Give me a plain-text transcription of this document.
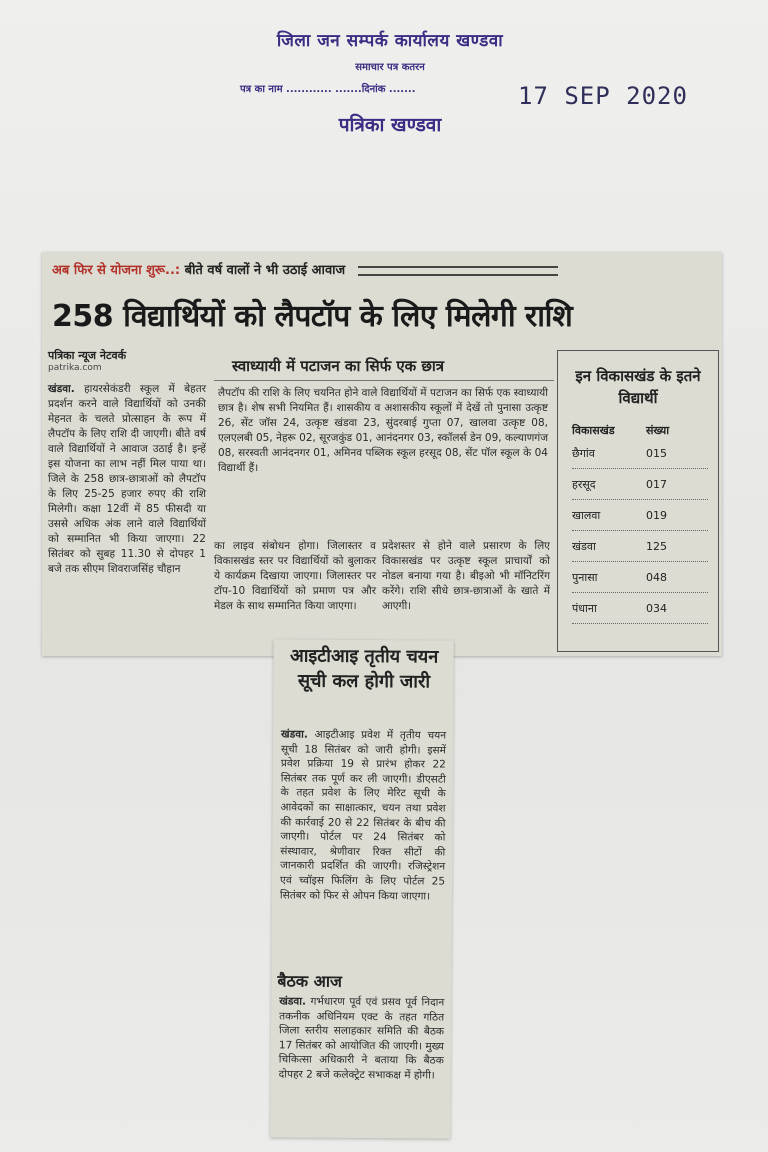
जिला जन सम्पर्क कार्यालय खण्डवा
समाचार पत्र कतरन
पत्र का नाम ............ .......दिनांक .......	17 SEP 2020
पत्रिका खण्डवा
अब फिर से योजना शुरू..: बीते वर्ष वालों ने भी उठाई आवाज
258 विद्यार्थियों को लैपटॉप के लिए मिलेगी राशि
पत्रिका न्यूज नेटवर्क
patrika.com
खंडवा. हायरसेकंडरी स्कूल में बेहतर प्रदर्शन करने वाले विद्यार्थियों को उनकी मेहनत के चलते प्रोत्साहन के रूप में लैपटॉप के लिए राशि दी जाएगी। बीते वर्ष वाले विद्यार्थियों ने आवाज उठाई है। इन्हें इस योजना का लाभ नहीं मिल पाया था। जिले के 258 छात्र-छात्राओं को लैपटॉप के लिए 25-25 हजार रुपए की राशि मिलेगी। कक्षा 12वीं में 85 फीसदी या उससे अधिक अंक लाने वाले विद्यार्थियों को सम्मानित भी किया जाएगा। 22 सितंबर को सुबह 11.30 से दोपहर 1 बजे तक सीएम शिवराजसिंह चौहान
स्वाध्यायी में पटाजन का सिर्फ एक छात्र
लैपटॉप की राशि के लिए चयनित होने वाले विद्यार्थियों में पटाजन का सिर्फ एक स्वाध्यायी छात्र है। शेष सभी नियमित हैं। शासकीय व अशासकीय स्कूलों में देखें तो पुनासा उत्कृष्ट 26, सेंट जॉस 24, उत्कृष्ट खंडवा 23, सुंदरबाई गुप्ता 07, खालवा उत्कृष्ट 08, एलएलबी 05, नेहरू 02, सूरजकुंड 01, आनंदनगर 03, स्कॉलर्स डेन 09, कल्याणगंज 08, सरस्वती आनंदनगर 01, अमिनव पब्लिक स्कूल हरसूद 08, सेंट पॉल स्कूल के 04 विद्यार्थी हैं।
का लाइव संबोधन होगा। जिलास्तर व विकासखंड स्तर पर विद्यार्थियों को बुलाकर ये कार्यक्रम दिखाया जाएगा। जिलास्तर पर टॉप-10 विद्यार्थियों को प्रमाण पत्र और मेडल के साथ सम्मानित किया जाएगा।
प्रदेशस्तर से होने वाले प्रसारण के लिए विकासखंड पर उत्कृष्ट स्कूल प्राचार्यों को नोडल बनाया गया है। बीइओ भी मॉनिटरिंग करेंगे। राशि सीधे छात्र-छात्राओं के खाते में आएगी।
इन विकासखंड के इतने विद्यार्थी
विकासखंड	संख्या
छैगांव	015
हरसूद	017
खालवा	019
खंडवा	125
पुनासा	048
पंधाना	034
आइटीआइ तृतीय चयन सूची कल होगी जारी
खंडवा. आइटीआइ प्रवेश में तृतीय चयन सूची 18 सितंबर को जारी होगी। इसमें प्रवेश प्रक्रिया 19 से प्रारंभ होकर 22 सितंबर तक पूर्ण कर ली जाएगी। डीएसटी के तहत प्रवेश के लिए मेरिट सूची के आवेदकों का साक्षात्कार, चयन तथा प्रवेश की कार्रवाई 20 से 22 सितंबर के बीच की जाएगी। पोर्टल पर 24 सितंबर को संस्थावार, श्रेणीवार रिक्त सीटों की जानकारी प्रदर्शित की जाएगी। रजिस्ट्रेशन एवं च्वॉइस फिलिंग के लिए पोर्टल 25 सितंबर को फिर से ओपन किया जाएगा।
बैठक आज
खंडवा. गर्भधारण पूर्व एवं प्रसव पूर्व निदान तकनीक अधिनियम एक्ट के तहत गठित जिला स्तरीय सलाहकार समिति की बैठक 17 सितंबर को आयोजित की जाएगी। मुख्य चिकित्सा अधिकारी ने बताया कि बैठक दोपहर 2 बजे कलेक्ट्रेट सभाकक्ष में होगी।
